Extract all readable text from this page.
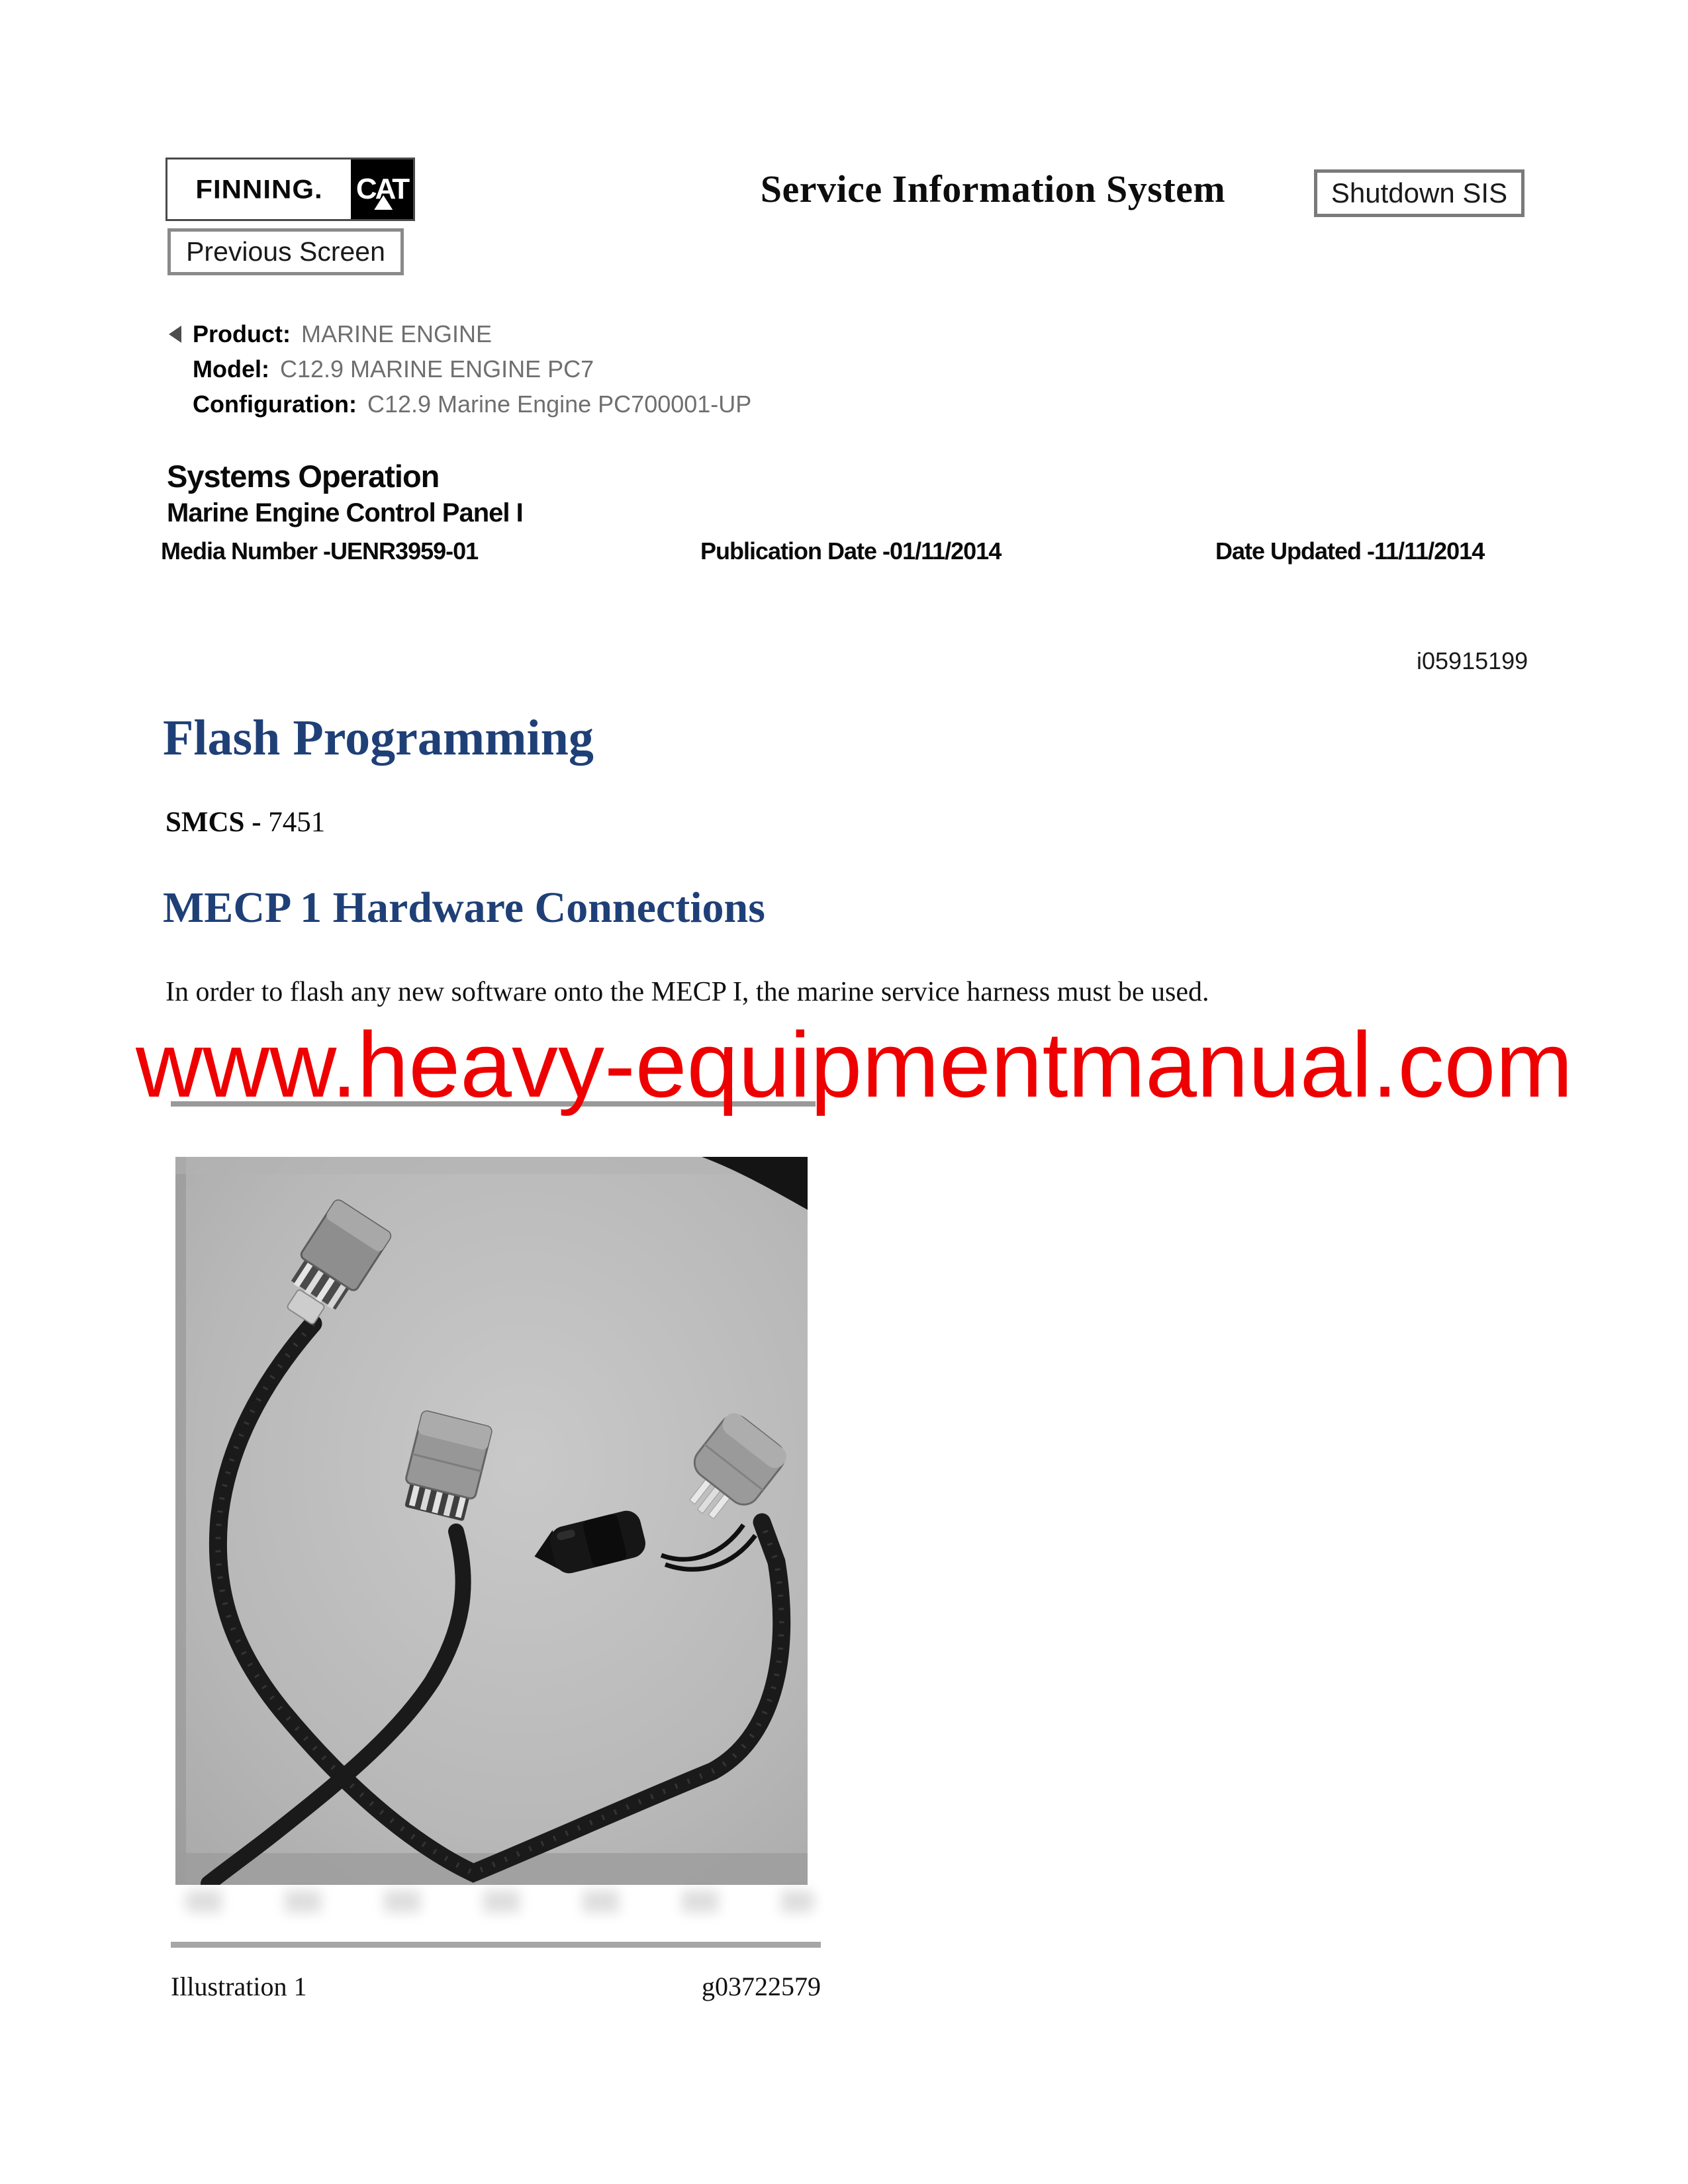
FINNING.	CAT	Service Information System	Shutdown SIS
Previous Screen
Product: MARINE ENGINE
Model: C12.9 MARINE ENGINE PC7
Configuration: C12.9 Marine Engine PC700001-UP
Systems Operation
Marine Engine Control Panel I
Media Number -UENR3959-01	Publication Date -01/11/2014	Date Updated -11/11/2014
i05915199
Flash Programming
SMCS - 7451
MECP 1 Hardware Connections
In order to flash any new software onto the MECP I, the marine service harness must be used.
www.heavy-equipmentmanual.com
Illustration 1	g03722579
